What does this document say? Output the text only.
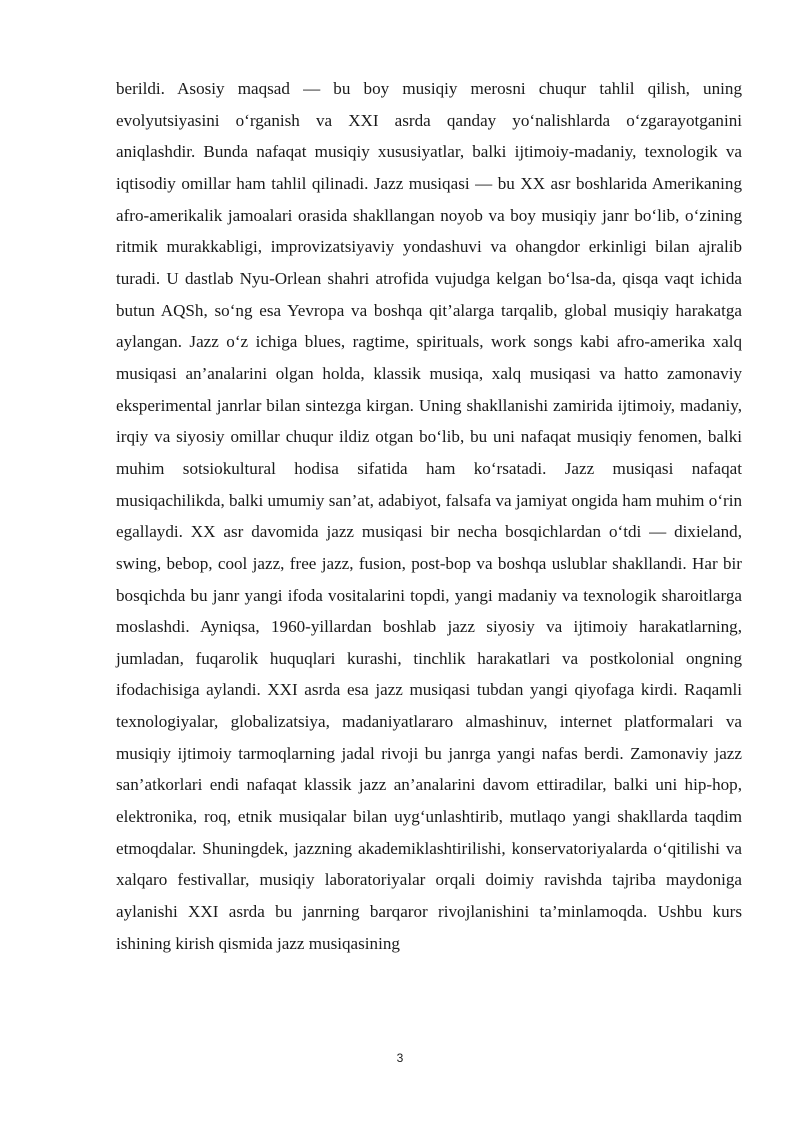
berildi. Asosiy maqsad — bu boy musiqiy merosni chuqur tahlil qilish, uning evolyutsiyasini o‘rganish va XXI asrda qanday yo‘nalishlarda o‘zgarayotganini aniqlashdir. Bunda nafaqat musiqiy xususiyatlar, balki ijtimoiy-madaniy, texnologik va iqtisodiy omillar ham tahlil qilinadi. Jazz musiqasi — bu XX asr boshlarida Amerikaning afro-amerikalik jamoalari orasida shakllangan noyob va boy musiqiy janr bo‘lib, o‘zining ritmik murakkabligi, improvizatsiyaviy yondashuvi va ohangdor erkinligi bilan ajralib turadi. U dastlab Nyu-Orlean shahri atrofida vujudga kelgan bo‘lsa-da, qisqa vaqt ichida butun AQSh, so‘ng esa Yevropa va boshqa qit’alarga tarqalib, global musiqiy harakatga aylangan. Jazz o‘z ichiga blues, ragtime, spirituals, work songs kabi afro-amerika xalq musiqasi an’analarini olgan holda, klassik musiqa, xalq musiqasi va hatto zamonaviy eksperimental janrlar bilan sintezga kirgan. Uning shakllanishi zamirida ijtimoiy, madaniy, irqiy va siyosiy omillar chuqur ildiz otgan bo‘lib, bu uni nafaqat musiqiy fenomen, balki muhim sotsiokultural hodisa sifatida ham ko‘rsatadi. Jazz musiqasi nafaqat musiqachilikda, balki umumiy san’at, adabiyot, falsafa va jamiyat ongida ham muhim o‘rin egallaydi. XX asr davomida jazz musiqasi bir necha bosqichlardan o‘tdi — dixieland, swing, bebop, cool jazz, free jazz, fusion, post-bop va boshqa uslublar shakllandi. Har bir bosqichda bu janr yangi ifoda vositalarini topdi, yangi madaniy va texnologik sharoitlarga moslashdi. Ayniqsa, 1960-yillardan boshlab jazz siyosiy va ijtimoiy harakatlarning, jumladan, fuqarolik huquqlari kurashi, tinchlik harakatlari va postkolonial ongning ifodachisiga aylandi. XXI asrda esa jazz musiqasi tubdan yangi qiyofaga kirdi. Raqamli texnologiyalar, globalizatsiya, madaniyatlararo almashinuv, internet platformalari va musiqiy ijtimoiy tarmoqlarning jadal rivoji bu janrga yangi nafas berdi. Zamonaviy jazz san’atkorlari endi nafaqat klassik jazz an’analarini davom ettiradilar, balki uni hip-hop, elektronika, roq, etnik musiqalar bilan uyg‘unlashtirib, mutlaqo yangi shakllarda taqdim etmoqdalar. Shuningdek, jazzning akademiklashtirilishi, konservatoriyalarda o‘qitilishi va xalqaro festivallar, musiqiy laboratoriyalar orqali doimiy ravishda tajriba maydoniga aylanishi XXI asrda bu janrning barqaror rivojlanishini ta’minlamoqda. Ushbu kurs ishining kirish qismida jazz musiqasining

3
